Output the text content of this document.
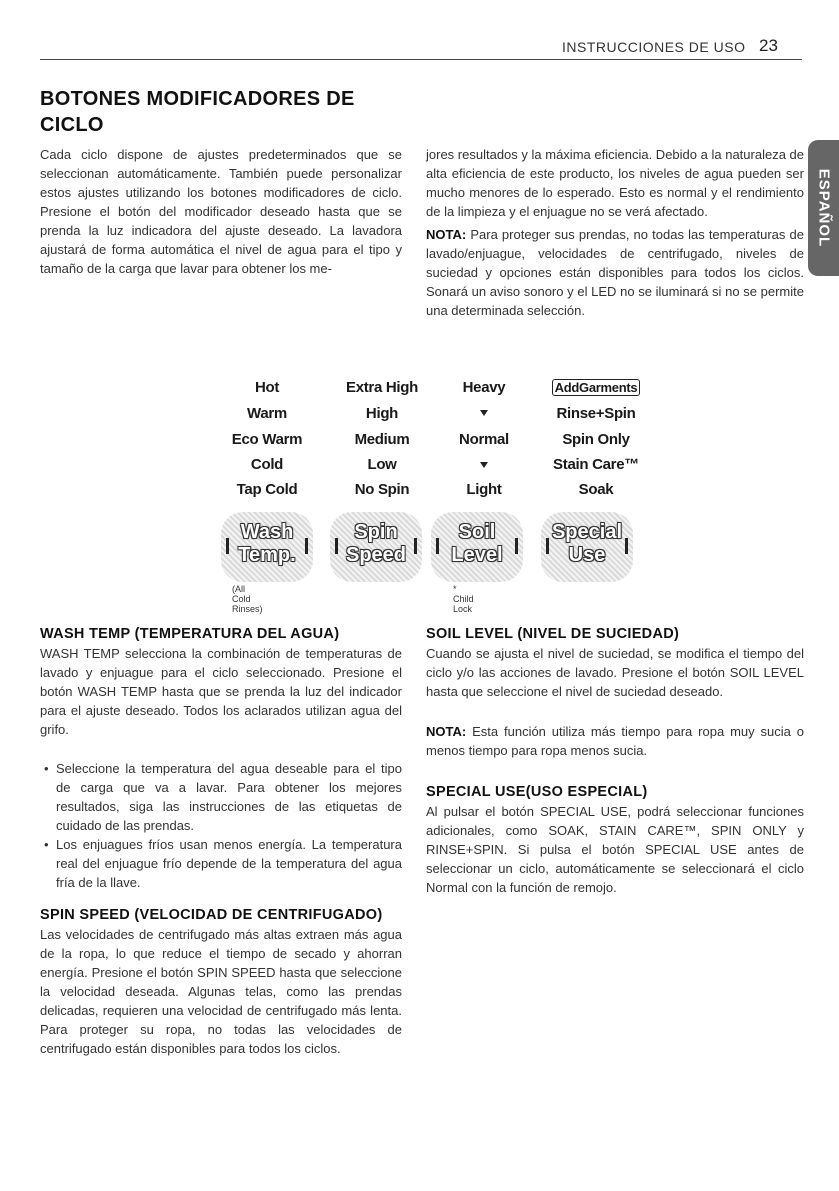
INSTRUCCIONES DE USO 23
ESPAÑOL
BOTONES MODIFICADORES DE CICLO

Cada ciclo dispone de ajustes predeterminados que se seleccionan automáticamente. También puede personalizar estos ajustes utilizando los botones modificadores de ciclo. Presione el botón del modificador deseado hasta que se prenda la luz indicadora del ajuste deseado. La lavadora ajustará de forma automática el nivel de agua para el tipo y tamaño de la carga que lavar para obtener los me-

jores resultados y la máxima eficiencia. Debido a la naturaleza de alta eficiencia de este producto, los niveles de agua pueden ser mucho menores de lo esperado. Esto es normal y el rendimiento de la limpieza y el enjuague no se verá afectado.

NOTA: Para proteger sus prendas, no todas las temperaturas de lavado/enjuague, velocidades de centrifugado, niveles de suciedad y opciones están disponibles para todos los ciclos. Sonará un aviso sonoro y el LED no se iluminará si no se permite una determinada selección.

Hot
Warm
Eco Warm
Cold
Tap Cold
Extra High
High
Medium
Low
No Spin
Heavy
Normal
Light
AddGarments
Rinse+Spin
Spin Only
Stain Care™
Soak
Wash
Temp.
Spin
Speed
Soil
Level
Special
Use
(All Cold Rinses)
* Child Lock
WASH TEMP (TEMPERATURA DEL AGUA)

WASH TEMP selecciona la combinación de temperaturas de lavado y enjuague para el ciclo seleccionado. Presione el botón WASH TEMP hasta que se prenda la luz del indicador para el ajuste deseado. Todos los aclarados utilizan agua del grifo.

• Seleccione la temperatura del agua deseable para el tipo de carga que va a lavar. Para obtener los mejores resultados, siga las instrucciones de las etiquetas de cuidado de las prendas.
• Los enjuagues fríos usan menos energía. La temperatura real del enjuague frío depende de la temperatura del agua fría de la llave.
SPIN SPEED (VELOCIDAD DE CENTRIFUGADO)

Las velocidades de centrifugado más altas extraen más agua de la ropa, lo que reduce el tiempo de secado y ahorran energía. Presione el botón SPIN SPEED hasta que seleccione la velocidad deseada. Algunas telas, como las prendas delicadas, requieren una velocidad de centrifugado más lenta. Para proteger su ropa, no todas las velocidades de centrifugado están disponibles para todos los ciclos.

SOIL LEVEL (NIVEL DE SUCIEDAD)

Cuando se ajusta el nivel de suciedad, se modifica el tiempo del ciclo y/o las acciones de lavado. Presione el botón SOIL LEVEL hasta que seleccione el nivel de suciedad deseado.

NOTA: Esta función utiliza más tiempo para ropa muy sucia o menos tiempo para ropa menos sucia.

SPECIAL USE(USO ESPECIAL)

Al pulsar el botón SPECIAL USE, podrá seleccionar funciones adicionales, como SOAK, STAIN CARE™, SPIN ONLY y RINSE+SPIN. Si pulsa el botón SPECIAL USE antes de seleccionar un ciclo, automáticamente se seleccionará el ciclo Normal con la función de remojo.
